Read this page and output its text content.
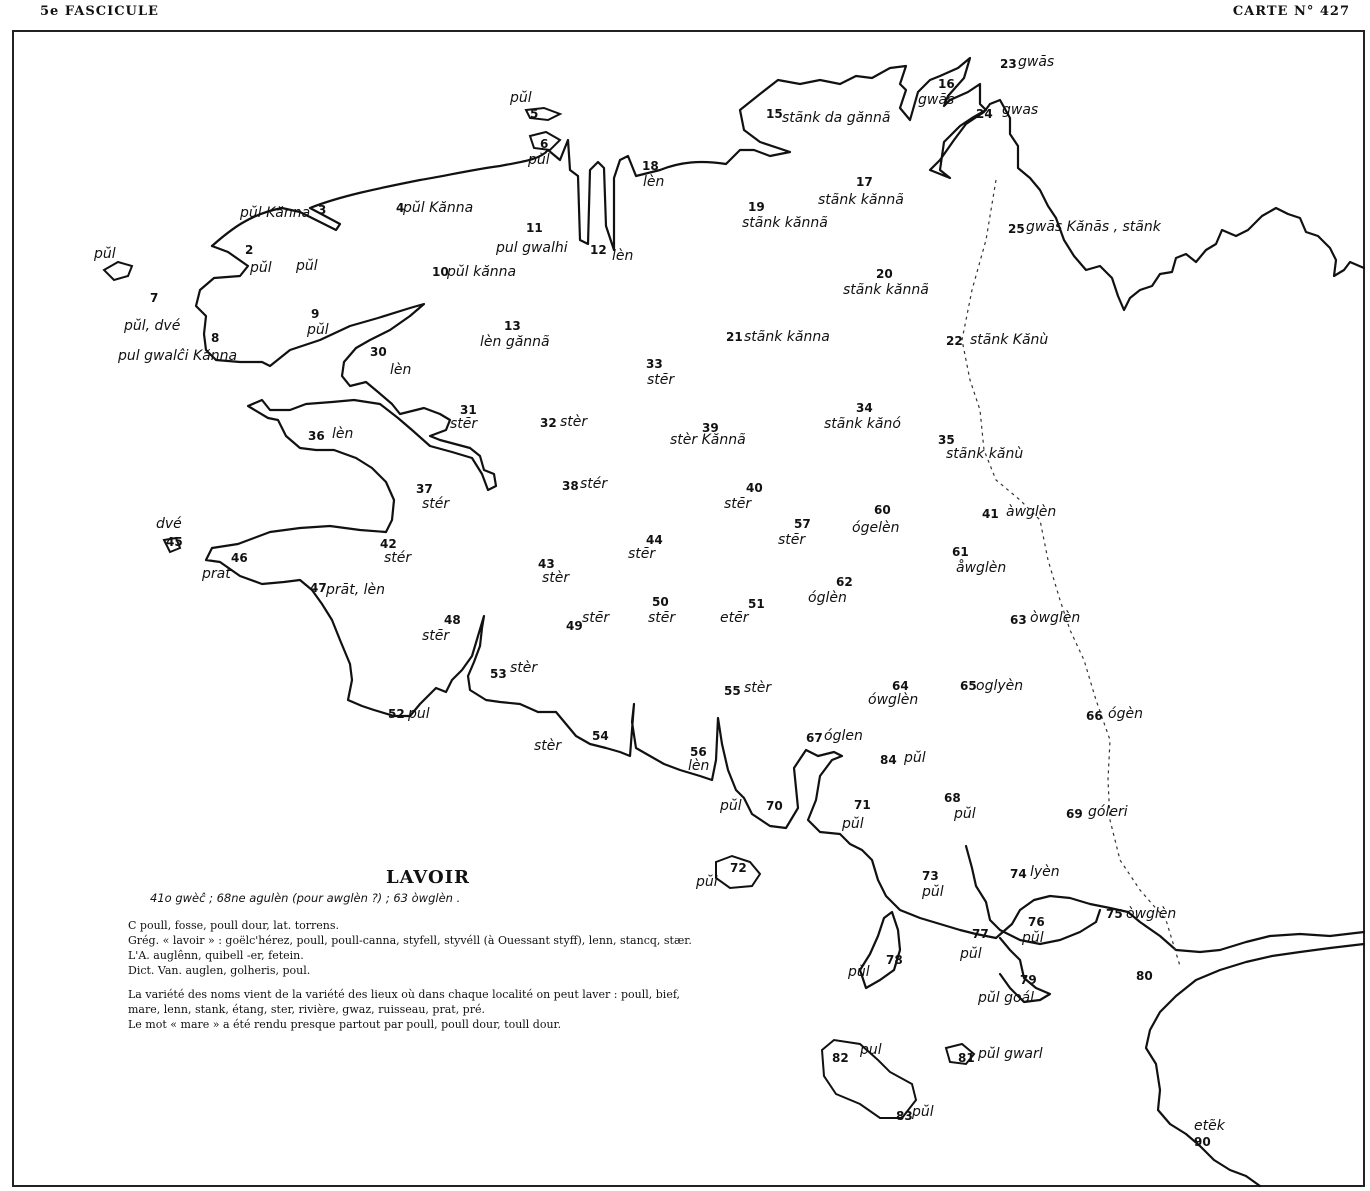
5e FASCICULE	CARTE N° 427
2
pŭl
3
pŭl Kănna	4
pŭl Kănna
5
pŭl
6
pŭl
7
pŭl, dvé
8
pul gwalĉi Kănna
9
pŭl
10
pŭl kănna
11
pul gwalhi 12 lèn
13
lèn gănnã
15 stãnk da gănnã
16
gwās
17
stãnk kănnã
18
lèn
19
stãnk kănnã
20
stãnk kănnã
21 stãnk kănna	22 stãnk Kănù
23 gwās
24 gwas
25 gwās Kănās , stãnk
30
lèn
31
stēr	32 stèr
33
stēr
34
stãnk kănó
35
stãnk kănù
36 lèn
37
stér
38 stér
39
stèr Kănnã
40
stēr
41 àwglèn
42
stér	43
stèr
44
stēr
45
dvé
46
prat
47 prāt, lèn
48
stēr
49 stēr
50
stēr
51
etēr
52 pul
53 stèr
54
stèr
55 stèr
56
lèn
57
stēr
60
ógelèn
61
åwglèn
62
óglèn
63 òwglèn
64
ówglèn
65 oglyèn
66 ógèn
67 óglen
68
pŭl	69 góleri
70
pŭl	71
pŭl
72
pŭl	73
pŭl
74 lyèn
75 òwglèn
76
pŭl
77
pŭl
78
pŭl	79
pŭl goál
80
81 pŭl gwarl
82 pul
83 pŭl
84 pŭl
90
etẽk
pŭl
pŭl
LAVOIR
41o gwèĉ ; 68ne agulèn (pour awglèn ?) ; 63 òwglèn .

C poull, fosse, poull dour, lat. torrens.

Grég. « lavoir » : goëlc'hérez, poull, poull-canna, styfell, styvéll (à Ouessant styff), lenn, stancq, stær.

L'A. auglênn, quibell -er, fetein.

Dict. Van. auglen, golheris, poul.

La variété des noms vient de la variété des lieux où dans chaque localité on peut laver : poull, bief, mare, lenn, stank, étang, ster, rivière, gwaz, ruisseau, prat, pré.

Le mot « mare » a été rendu presque partout par poull, poull dour, toull dour.
